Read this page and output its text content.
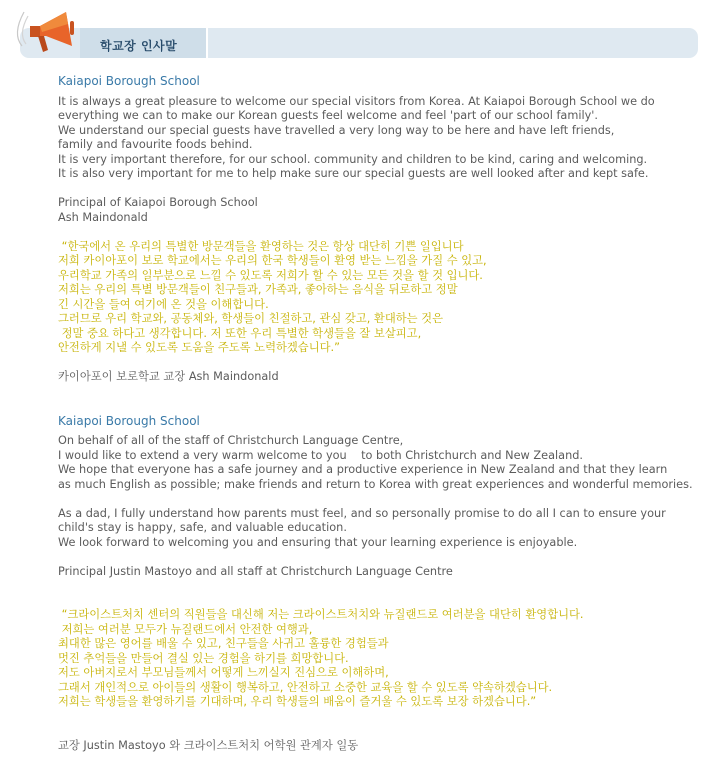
학교장 인사말
Kaiapoi Borough School
It is always a great pleasure to welcome our special visitors from Korea. At Kaiapoi Borough School we do
everything we can to make our Korean guests feel welcome and feel 'part of our school family'.
We understand our special guests have travelled a very long way to be here and have left friends,
family and favourite foods behind.
It is very important therefore, for our school. community and children to be kind, caring and welcoming.
It is also very important for me to help make sure our special guests are well looked after and kept safe.
Principal of Kaiapoi Borough School
Ash Maindonald
“한국에서 온 우리의 특별한 방문객들을 환영하는 것은 항상 대단히 기쁜 일입니다
저희 카이아포이 보로 학교에서는 우리의 한국 학생들이 환영 받는 느낌을 가질 수 있고,
우리학교 가족의 일부분으로 느낄 수 있도록 저희가 할 수 있는 모든 것을 할 것 입니다.
저희는 우리의 특별 방문객들이 친구들과, 가족과, 좋아하는 음식을 뒤로하고 정말
긴 시간을 들여 여기에 온 것을 이해합니다.
그러므로 우리 학교와, 공동체와, 학생들이 친절하고, 관심 갖고, 환대하는 것은
정말 중요 하다고 생각합니다. 저 또한 우리 특별한 학생들을 잘 보살피고,
안전하게 지낼 수 있도록 도움을 주도록 노력하겠습니다.”
카이아포이 보로학교 교장 Ash Maindonald
Kaiapoi Borough School
On behalf of all of the staff of Christchurch Language Centre,
I would like to extend a very warm welcome to you    to both Christchurch and New Zealand.
We hope that everyone has a safe journey and a productive experience in New Zealand and that they learn
as much English as possible; make friends and return to Korea with great experiences and wonderful memories.
As a dad, I fully understand how parents must feel, and so personally promise to do all I can to ensure your
child's stay is happy, safe, and valuable education.
We look forward to welcoming you and ensuring that your learning experience is enjoyable.
Principal Justin Mastoyo and all staff at Christchurch Language Centre
“크라이스트처치 센터의 직원들을 대신해 저는 크라이스트처치와 뉴질랜드로 여러분을 대단히 환영합니다.
저희는 여러분 모두가 뉴질랜드에서 안전한 여행과,
최대한 많은 영어를 배울 수 있고, 친구들을 사귀고 훌륭한 경험들과
멋진 추억들을 만들어 결실 있는 경험을 하기를 희망합니다.
저도 아버지로서 부모님들께서 어떻게 느끼실지 진심으로 이해하며,
그래서 개인적으로 아이들의 생활이 행복하고, 안전하고 소중한 교육을 할 수 있도록 약속하겠습니다.
저희는 학생들을 환영하기를 기대하며, 우리 학생들의 배움이 즐거울 수 있도록 보장 하겠습니다.”
교장 Justin Mastoyo 와 크라이스트처치 어학원 관계자 일동
